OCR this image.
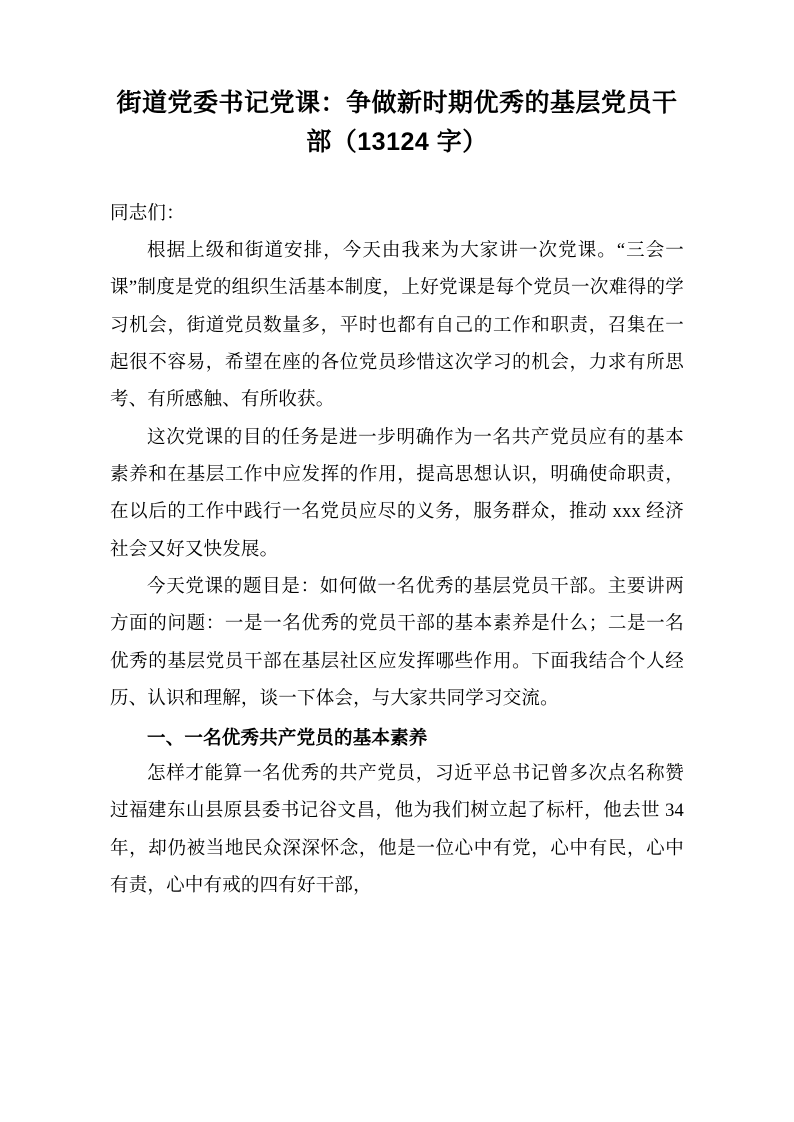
街道党委书记党课：争做新时期优秀的基层党员干部（13124 字）

同志们：

根据上级和街道安排，今天由我来为大家讲一次党课。“三会一课”制度是党的组织生活基本制度，上好党课是每个党员一次难得的学习机会，街道党员数量多，平时也都有自己的工作和职责，召集在一起很不容易，希望在座的各位党员珍惜这次学习的机会，力求有所思考、有所感触、有所收获。

这次党课的目的任务是进一步明确作为一名共产党员应有的基本素养和在基层工作中应发挥的作用，提高思想认识，明确使命职责，在以后的工作中践行一名党员应尽的义务，服务群众，推动 xxx 经济社会又好又快发展。

今天党课的题目是：如何做一名优秀的基层党员干部。主要讲两方面的问题：一是一名优秀的党员干部的基本素养是什么；二是一名优秀的基层党员干部在基层社区应发挥哪些作用。下面我结合个人经历、认识和理解，谈一下体会，与大家共同学习交流。

一、一名优秀共产党员的基本素养

怎样才能算一名优秀的共产党员，习近平总书记曾多次点名称赞过福建东山县原县委书记谷文昌，他为我们树立起了标杆，他去世 34 年，却仍被当地民众深深怀念，他是一位心中有党，心中有民，心中有责，心中有戒的四有好干部，
